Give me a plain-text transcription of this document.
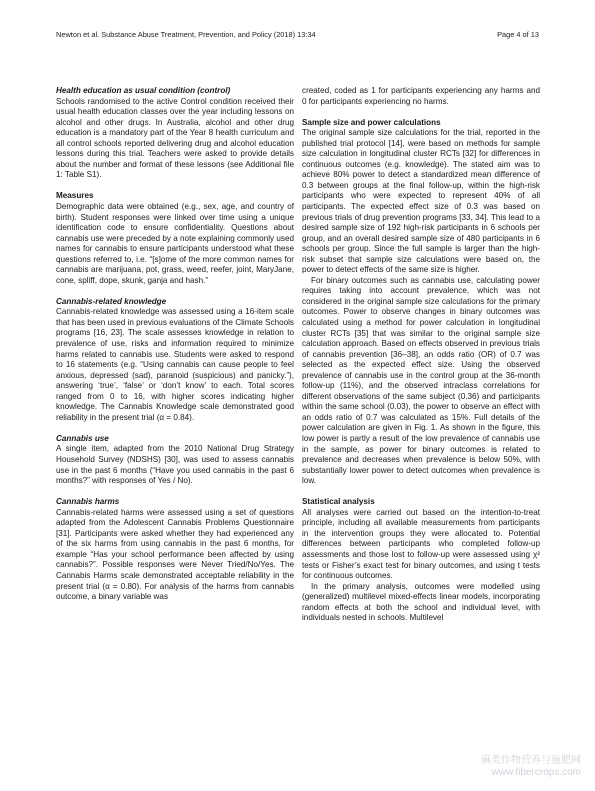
Newton et al. Substance Abuse Treatment, Prevention, and Policy (2018) 13:34	Page 4 of 13

Health education as usual condition (control)

Schools randomised to the active Control condition received their usual health education classes over the year including lessons on alcohol and other drugs. In Australia, alcohol and other drug education is a mandatory part of the Year 8 health curriculum and all control schools reported delivering drug and alcohol education lessons during this trial. Teachers were asked to provide details about the number and format of these lessons (see Additional file 1: Table S1).

Measures

Demographic data were obtained (e.g., sex, age, and country of birth). Student responses were linked over time using a unique identification code to ensure confidentiality. Questions about cannabis use were preceded by a note explaining commonly used names for cannabis to ensure participants understood what these questions referred to, i.e. “[s]ome of the more common names for cannabis are marijuana, pot, grass, weed, reefer, joint, MaryJane, cone, spliff, dope, skunk, ganja and hash.”

Cannabis-related knowledge

Cannabis-related knowledge was assessed using a 16-item scale that has been used in previous evaluations of the Climate Schools programs [16, 23]. The scale assesses knowledge in relation to prevalence of use, risks and information required to minimize harms related to cannabis use. Students were asked to respond to 16 statements (e.g. “Using cannabis can cause people to feel anxious, depressed (sad), paranoid (suspicious) and panicky.”), answering ‘true’, ‘false’ or ‘don’t know’ to each. Total scores ranged from 0 to 16, with higher scores indicating higher knowledge. The Cannabis Knowledge scale demonstrated good reliability in the present trial (α = 0.84).

Cannabis use

A single item, adapted from the 2010 National Drug Strategy Household Survey (NDSHS) [30], was used to assess cannabis use in the past 6 months (“Have you used cannabis in the past 6 months?” with responses of Yes / No).

Cannabis harms

Cannabis-related harms were assessed using a set of questions adapted from the Adolescent Cannabis Problems Questionnaire [31]. Participants were asked whether they had experienced any of the six harms from using cannabis in the past 6 months, for example “Has your school performance been affected by using cannabis?”. Possible responses were Never Tried/No/Yes. The Cannabis Harms scale demonstrated acceptable reliability in the present trial (α = 0.80). For analysis of the harms from cannabis outcome, a binary variable was

created, coded as 1 for participants experiencing any harms and 0 for participants experiencing no harms.

Sample size and power calculations

The original sample size calculations for the trial, reported in the published trial protocol [14], were based on methods for sample size calculation in longitudinal cluster RCTs [32] for differences in continuous outcomes (e.g. knowledge). The stated aim was to achieve 80% power to detect a standardized mean difference of 0.3 between groups at the final follow-up, within the high-risk participants who were expected to represent 40% of all participants. The expected effect size of 0.3 was based on previous trials of drug prevention programs [33, 34]. This lead to a desired sample size of 192 high-risk participants in 6 schools per group, and an overall desired sample size of 480 participants in 6 schools per group. Since the full sample is larger than the high-risk subset that sample size calculations were based on, the power to detect effects of the same size is higher.

For binary outcomes such as cannabis use, calculating power requires taking into account prevalence, which was not considered in the original sample size calculations for the primary outcomes. Power to observe changes in binary outcomes was calculated using a method for power calculation in longitudinal cluster RCTs [35] that was similar to the original sample size calculation approach. Based on effects observed in previous trials of cannabis prevention [36–38], an odds ratio (OR) of 0.7 was selected as the expected effect size. Using the observed prevalence of cannabis use in the control group at the 36-month follow-up (11%), and the observed intraclass correlations for different observations of the same subject (0.36) and participants within the same school (0.03), the power to observe an effect with an odds ratio of 0.7 was calculated as 15%. Full details of the power calculation are given in Fig. 1. As shown in the figure, this low power is partly a result of the low prevalence of cannabis use in the sample, as power for binary outcomes is related to prevalence and decreases when prevalence is below 50%, with substantially lower power to detect outcomes when prevalence is low.

Statistical analysis

All analyses were carried out based on the intention-to-treat principle, including all available measurements from participants in the intervention groups they were allocated to. Potential differences between participants who completed follow-up assessments and those lost to follow-up were assessed using χ² tests or Fisher’s exact test for binary outcomes, and using t tests for continuous outcomes.

In the primary analysis, outcomes were modelled using (generalized) multilevel mixed-effects linear models, incorporating random effects at both the school and individual level, with individuals nested in schools. Multilevel

麻类作物营养与施肥网
www.fibercrops.com
